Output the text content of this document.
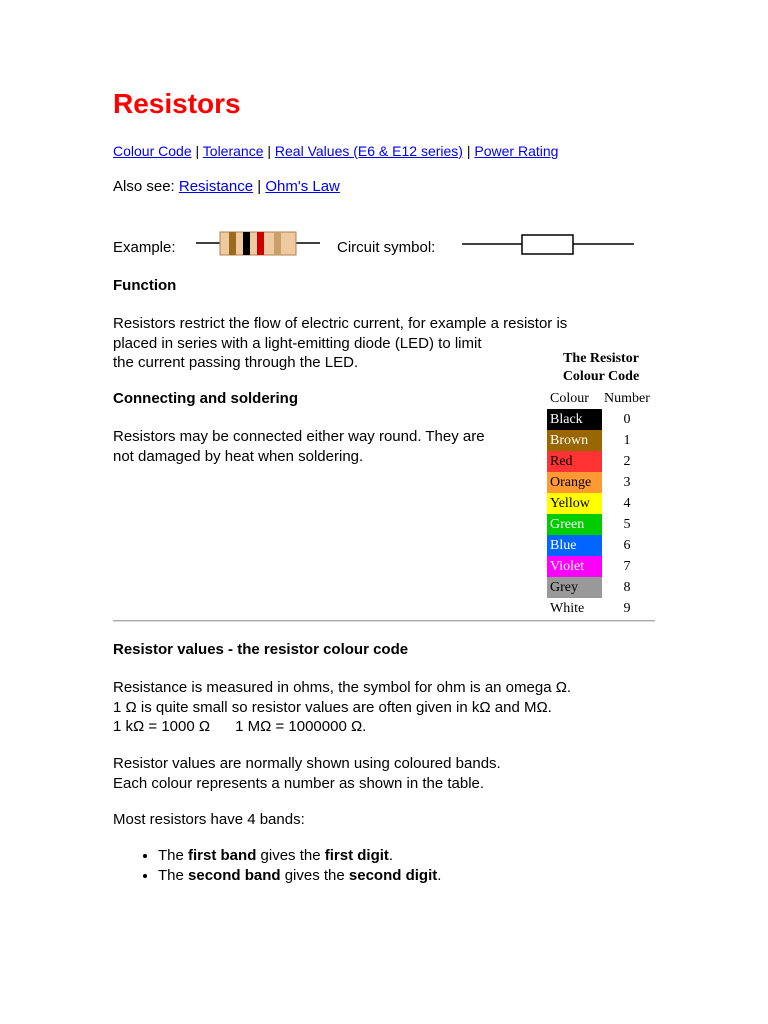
Resistors
Colour Code | Tolerance | Real Values (E6 & E12 series) | Power Rating
Also see: Resistance | Ohm's Law
Example:	Circuit symbol:
Function
Resistors restrict the flow of electric current, for example a resistor is
placed in series with a light-emitting diode (LED) to limit
the current passing through the LED.
Connecting and soldering
Resistors may be connected either way round. They are
not damaged by heat when soldering.
The Resistor
Colour Code
Colour	Number
Black	0
Brown	1
Red	2
Orange	3
Yellow	4
Green	5
Blue	6
Violet	7
Grey	8
White	9
Resistor values - the resistor colour code
Resistance is measured in ohms, the symbol for ohm is an omega Ω.
1 Ω is quite small so resistor values are often given in kΩ and MΩ.
1 kΩ = 1000 Ω      1 MΩ = 1000000 Ω.
Resistor values are normally shown using coloured bands.
Each colour represents a number as shown in the table.
Most resistors have 4 bands:
• The first band gives the first digit.
• The second band gives the second digit.
